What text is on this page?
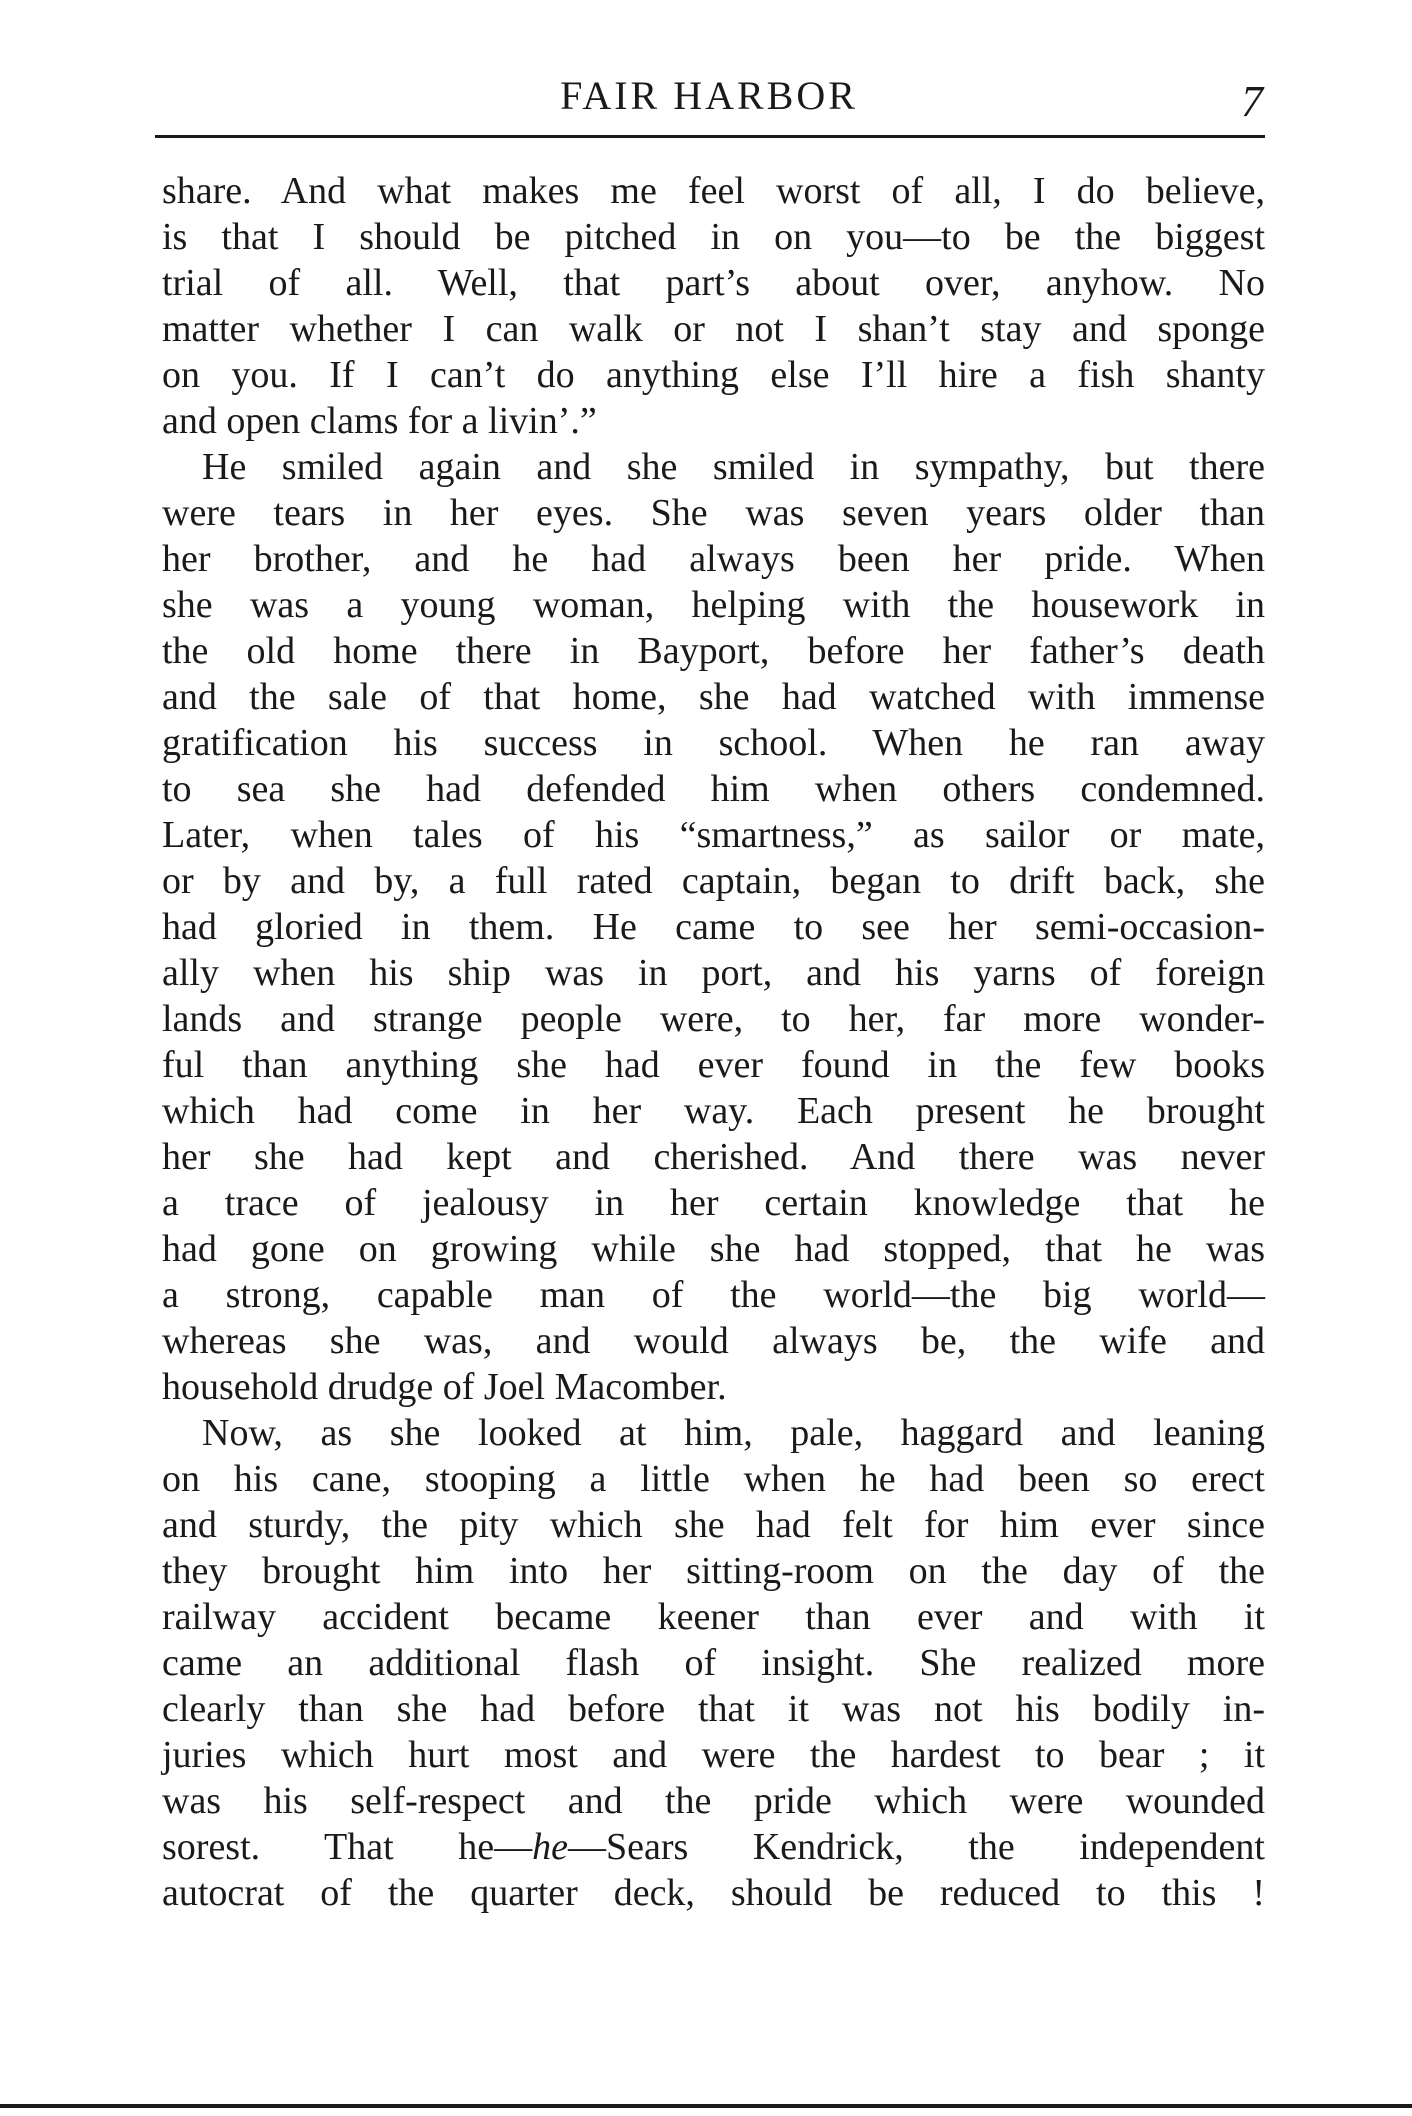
FAIR HARBOR	7
share. And what makes me feel worst of all, I do believe,
is that I should be pitched in on you—to be the biggest
trial of all. Well, that part’s about over, anyhow. No
matter whether I can walk or not I shan’t stay and sponge
on you. If I can’t do anything else I’ll hire a fish shanty
and open clams for a livin’.”
He smiled again and she smiled in sympathy, but there
were tears in her eyes. She was seven years older than
her brother, and he had always been her pride. When
she was a young woman, helping with the housework in
the old home there in Bayport, before her father’s death
and the sale of that home, she had watched with immense
gratification his success in school. When he ran away
to sea she had defended him when others condemned.
Later, when tales of his “smartness,” as sailor or mate,
or by and by, a full rated captain, began to drift back, she
had gloried in them. He came to see her semi-occasion-
ally when his ship was in port, and his yarns of foreign
lands and strange people were, to her, far more wonder-
ful than anything she had ever found in the few books
which had come in her way. Each present he brought
her she had kept and cherished. And there was never
a trace of jealousy in her certain knowledge that he
had gone on growing while she had stopped, that he was
a strong, capable man of the world—the big world—
whereas she was, and would always be, the wife and
household drudge of Joel Macomber.
Now, as she looked at him, pale, haggard and leaning
on his cane, stooping a little when he had been so erect
and sturdy, the pity which she had felt for him ever since
they brought him into her sitting-room on the day of the
railway accident became keener than ever and with it
came an additional flash of insight. She realized more
clearly than she had before that it was not his bodily in-
juries which hurt most and were the hardest to bear ; it
was his self-respect and the pride which were wounded
sorest. That he—he—Sears Kendrick, the independent
autocrat of the quarter deck, should be reduced to this !
